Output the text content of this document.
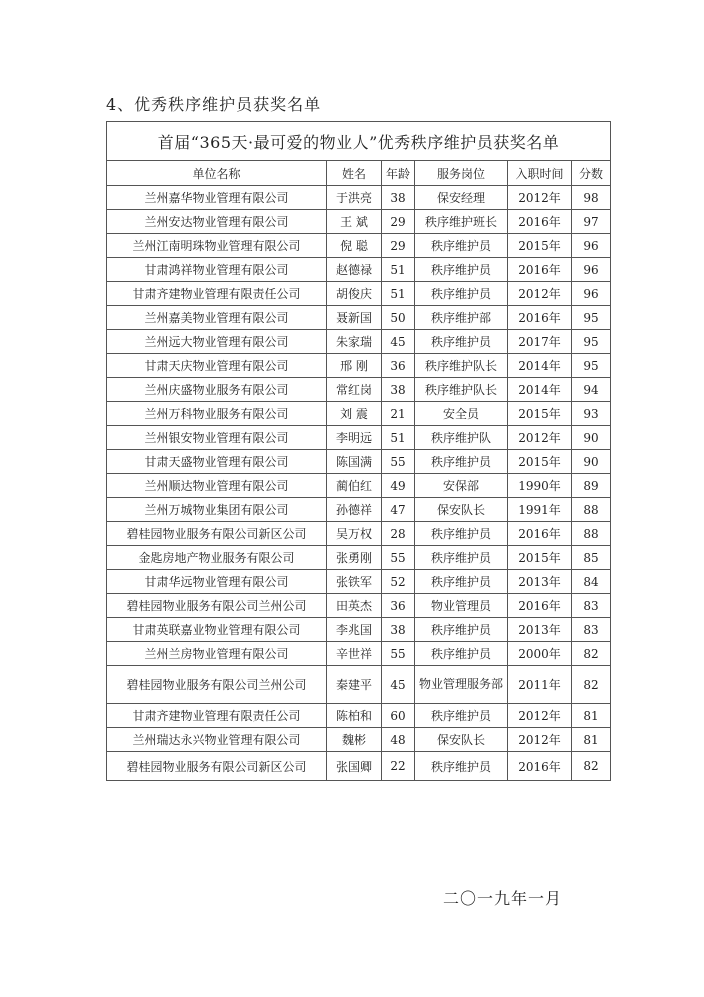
4、优秀秩序维护员获奖名单
首届“365天·最可爱的物业人”优秀秩序维护员获奖名单					
单位名称	姓名	年龄	服务岗位	入职时间	分数
兰州嘉华物业管理有限公司	于洪亮	38	保安经理	2012年	98
兰州安达物业管理有限公司	王 斌	29	秩序维护班长	2016年	97
兰州江南明珠物业管理有限公司	倪 聪	29	秩序维护员	2015年	96
甘肃鸿祥物业管理有限公司	赵德禄	51	秩序维护员	2016年	96
甘肃齐建物业管理有限责任公司	胡俊庆	51	秩序维护员	2012年	96
兰州嘉美物业管理有限公司	聂新国	50	秩序维护部	2016年	95
兰州远大物业管理有限公司	朱家瑞	45	秩序维护员	2017年	95
甘肃天庆物业管理有限公司	邢 刚	36	秩序维护队长	2014年	95
兰州庆盛物业服务有限公司	常红岗	38	秩序维护队长	2014年	94
兰州万科物业服务有限公司	刘 震	21	安全员	2015年	93
兰州银安物业管理有限公司	李明远	51	秩序维护队	2012年	90
甘肃天盛物业管理有限公司	陈国满	55	秩序维护员	2015年	90
兰州顺达物业管理有限公司	蔺伯红	49	安保部	1990年	89
兰州万城物业集团有限公司	孙德祥	47	保安队长	1991年	88
碧桂园物业服务有限公司新区公司	吴万权	28	秩序维护员	2016年	88
金匙房地产物业服务有限公司	张勇刚	55	秩序维护员	2015年	85
甘肃华远物业管理有限公司	张铁军	52	秩序维护员	2013年	84
碧桂园物业服务有限公司兰州公司	田英杰	36	物业管理员	2016年	83
甘肃英联嘉业物业管理有限公司	李兆国	38	秩序维护员	2013年	83
兰州兰房物业管理有限公司	辛世祥	55	秩序维护员	2000年	82
碧桂园物业服务有限公司兰州公司	秦建平	45	物业管理服务部	2011年	82
甘肃齐建物业管理有限责任公司	陈柏和	60	秩序维护员	2012年	81
兰州瑞达永兴物业管理有限公司	魏彬	48	保安队长	2012年	81
碧桂园物业服务有限公司新区公司	张国卿	22	秩序维护员	2016年	82
二〇一九年一月
